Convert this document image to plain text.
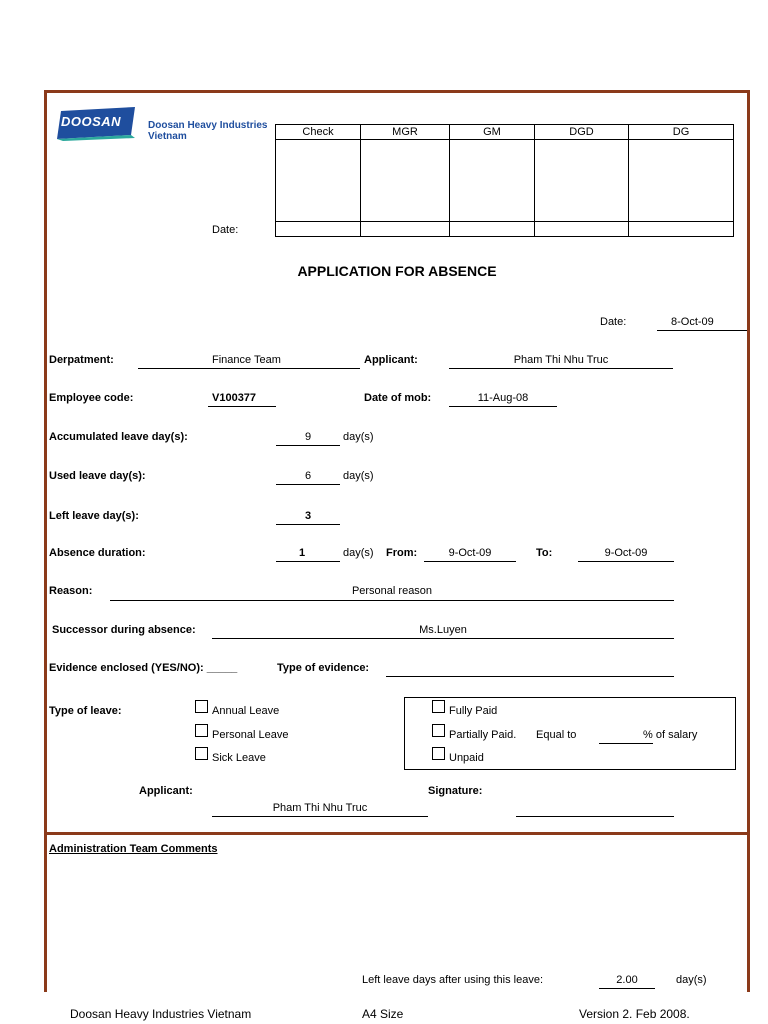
DOOSAN	Doosan Heavy Industries
Vietnam	Check	MGR	GM	DGD	DG

Date:
APPLICATION FOR ABSENCE
Date:	8-Oct-09
Derpatment:	Finance Team	Applicant:	Pham Thi Nhu Truc
Employee code:	V100377	Date of mob:	11-Aug-08
Accumulated leave day(s):	9	day(s)
Used leave day(s):	6	day(s)
Left leave day(s):	3
Absence duration:	1	day(s) From:	9-Oct-09	To:	9-Oct-09
Reason:	Personal reason
Successor during absence:	Ms.Luyen
Evidence enclosed (YES/NO): _____	Type of evidence:
Type of leave:	Annual Leave
Personal Leave
Sick Leave
Fully Paid
Partially Paid. Equal to	% of salary
Unpaid
Applicant:
Pham Thi Nhu Truc
Signature:
Administration Team Comments
Left leave days after using this leave:	2.00	day(s)
Doosan Heavy Industries Vietnam	A4 Size	Version 2. Feb 2008.
